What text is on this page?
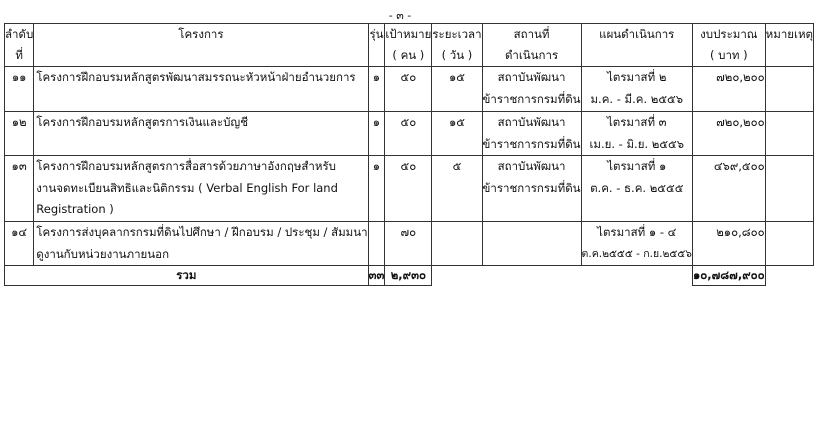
- ๓ -
ลำดับ
ที่	โครงการ	รุ่น	เป้าหมาย
( คน )	ระยะเวลา
( วัน )	สถานที่
ดำเนินการ	แผนดำเนินการ	งบประมาณ
( บาท )	หมายเหตุ

๑๑	โครงการฝึกอบรมหลักสูตรพัฒนาสมรรถนะหัวหน้าฝ่ายอำนวยการ	๑	๕๐	๑๕	สถาบันพัฒนา
ข้าราชการกรมที่ดิน	ไตรมาสที่ ๒
ม.ค. - มี.ค. ๒๕๕๖	๗๒๐,๒๐๐	

๑๒	โครงการฝึกอบรมหลักสูตรการเงินและบัญชี	๑	๕๐	๑๕	สถาบันพัฒนา
ข้าราชการกรมที่ดิน	ไตรมาสที่ ๓
เม.ย. - มิ.ย. ๒๕๕๖	๗๒๐,๒๐๐	

๑๓	โครงการฝึกอบรมหลักสูตรการสื่อสารด้วยภาษาอังกฤษสำหรับ
งานจดทะเบียนสิทธิและนิติกรรม ( Verbal English For land
Registration )	๑	๕๐	๕	สถาบันพัฒนา
ข้าราชการกรมที่ดิน	ไตรมาสที่ ๑
ต.ค. - ธ.ค. ๒๕๕๕	๔๖๙,๕๐๐	

๑๔	โครงการส่งบุคลากรกรมที่ดินไปศึกษา / ฝึกอบรม / ประชุม / สัมมนา
ดูงานกับหน่วยงานภายนอก		๗๐			ไตรมาสที่ ๑ - ๔
ต.ค.๒๕๕๕ - ก.ย.๒๕๕๖	๒๑๐,๘๐๐	

รวม		๓๓	๒,๙๓๐				๑๐,๗๘๗,๙๐๐	
